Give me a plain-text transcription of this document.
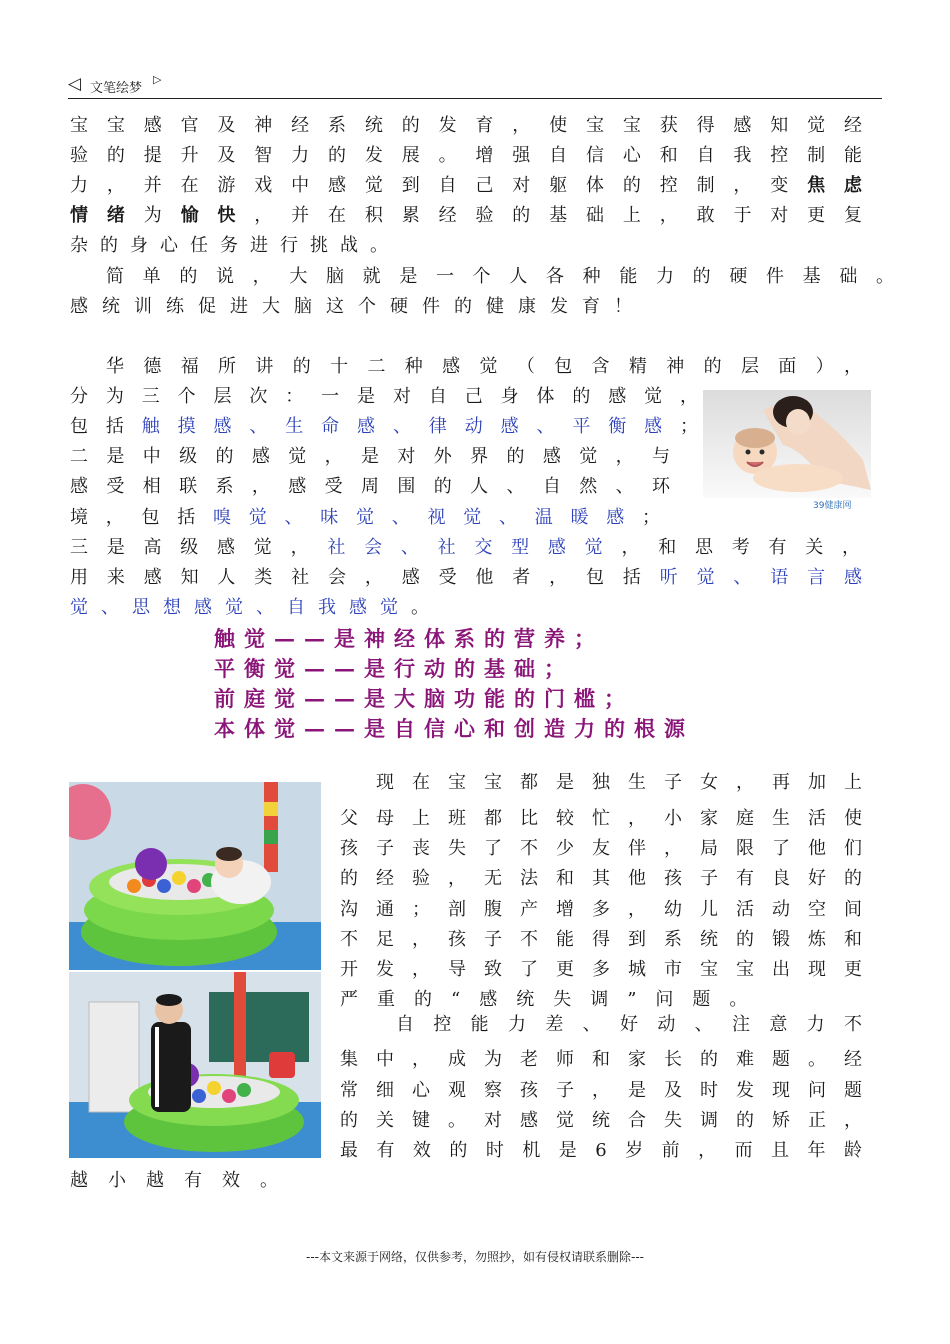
◁ 文笔绘梦
▷
宝宝感官及神经系统的发育，使宝宝获得感知觉经
验的提升及智力的发展。增强自信心和自我控制能
力，并在游戏中感觉到自己对躯体的控制，变焦虑
情绪为愉快，并在积累经验的基础上，敢于对更复
杂的身心任务进行挑战。
简单的说，大脑就是一个人各种能力的硬件基础。
感统训练促进大脑这个硬件的健康发育！
华德福所讲的十二种感觉（包含精神的层面），
分为三个层次：一是对自己身体的感觉，
包括触摸感、生命感、律动感、平衡感；
二是中级的感觉，是对外界的感觉，与
感受相联系，感受周围的人、自然、环
境，包括嗅觉、味觉、视觉、温暖感；
三是高级感觉，社会、社交型感觉，和思考有关，
用来感知人类社会，感受他者，包括听觉、语言感
觉、思想感觉、自我感觉。
39健康网
触觉——是神经体系的营养；
平衡觉——是行动的基础；
前庭觉——是大脑功能的门槛；
本体觉——是自信心和创造力的根源
现在宝宝都是独生子女，再加上
父母上班都比较忙，小家庭生活使
孩子丧失了不少友伴，局限了他们
的经验，无法和其他孩子有良好的
沟通；剖腹产增多，幼儿活动空间
不足，孩子不能得到系统的锻炼和
开发，导致了更多城市宝宝出现更
严重的“感统失调”问题。
自控能力差、好动、注意力不
集中，成为老师和家长的难题。经
常细心观察孩子，是及时发现问题
的关键。对感觉统合失调的矫正，
最有效的时机是6岁前，而且年龄
越小越有效。
---本文来源于网络，仅供参考，勿照抄，如有侵权请联系删除---
